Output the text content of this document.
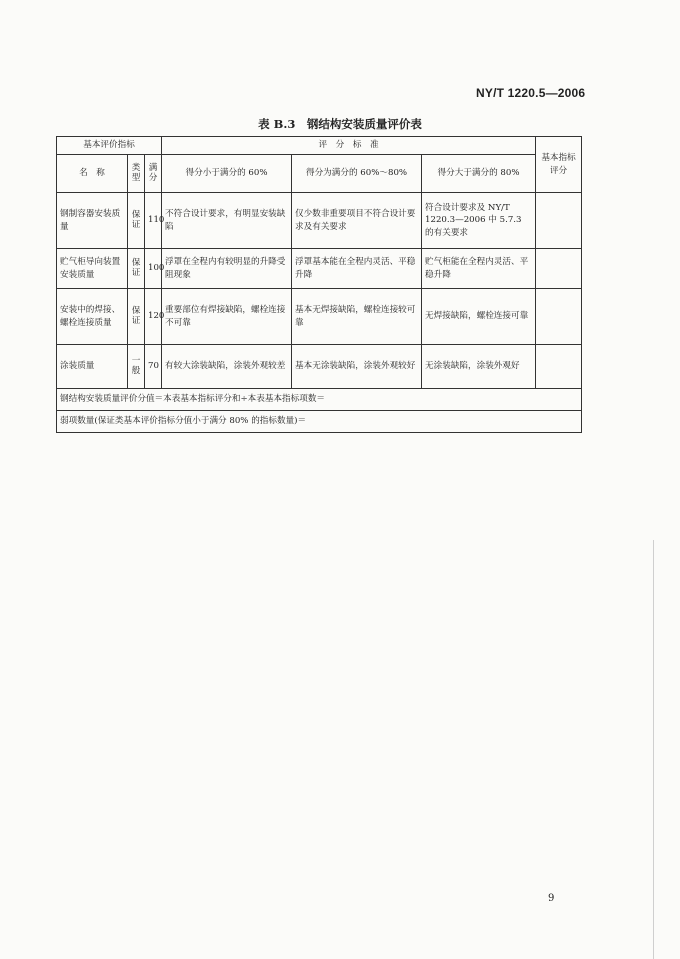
NY/T 1220.5—2006
表 B.3　钢结构安装质量评价表
基本评价指标			评　分　标　准			基本指标评分
名　称	类型	满分	得分小于满分的 60%	得分为满分的 60%～80%	得分大于满分的 80%	
钢制容器安装质量	保证	110	不符合设计要求，有明显安装缺陷	仅少数非重要项目不符合设计要求及有关要求	符合设计要求及 NY/T 1220.3—2006 中 5.7.3 的有关要求	
贮气柜导向装置安装质量	保证	100	浮罩在全程内有较明显的升降受阻现象	浮罩基本能在全程内灵活、平稳升降	贮气柜能在全程内灵活、平稳升降	
安装中的焊接、螺栓连接质量	保证	120	重要部位有焊接缺陷，螺栓连接不可靠	基本无焊接缺陷，螺栓连接较可靠	无焊接缺陷，螺栓连接可靠	
涂装质量	一般	70	有较大涂装缺陷，涂装外观较差	基本无涂装缺陷，涂装外观较好	无涂装缺陷，涂装外观好	
钢结构安装质量评价分值＝本表基本指标评分和÷本表基本指标项数＝						
弱项数量(保证类基本评价指标分值小于满分 80% 的指标数量)＝						
9
